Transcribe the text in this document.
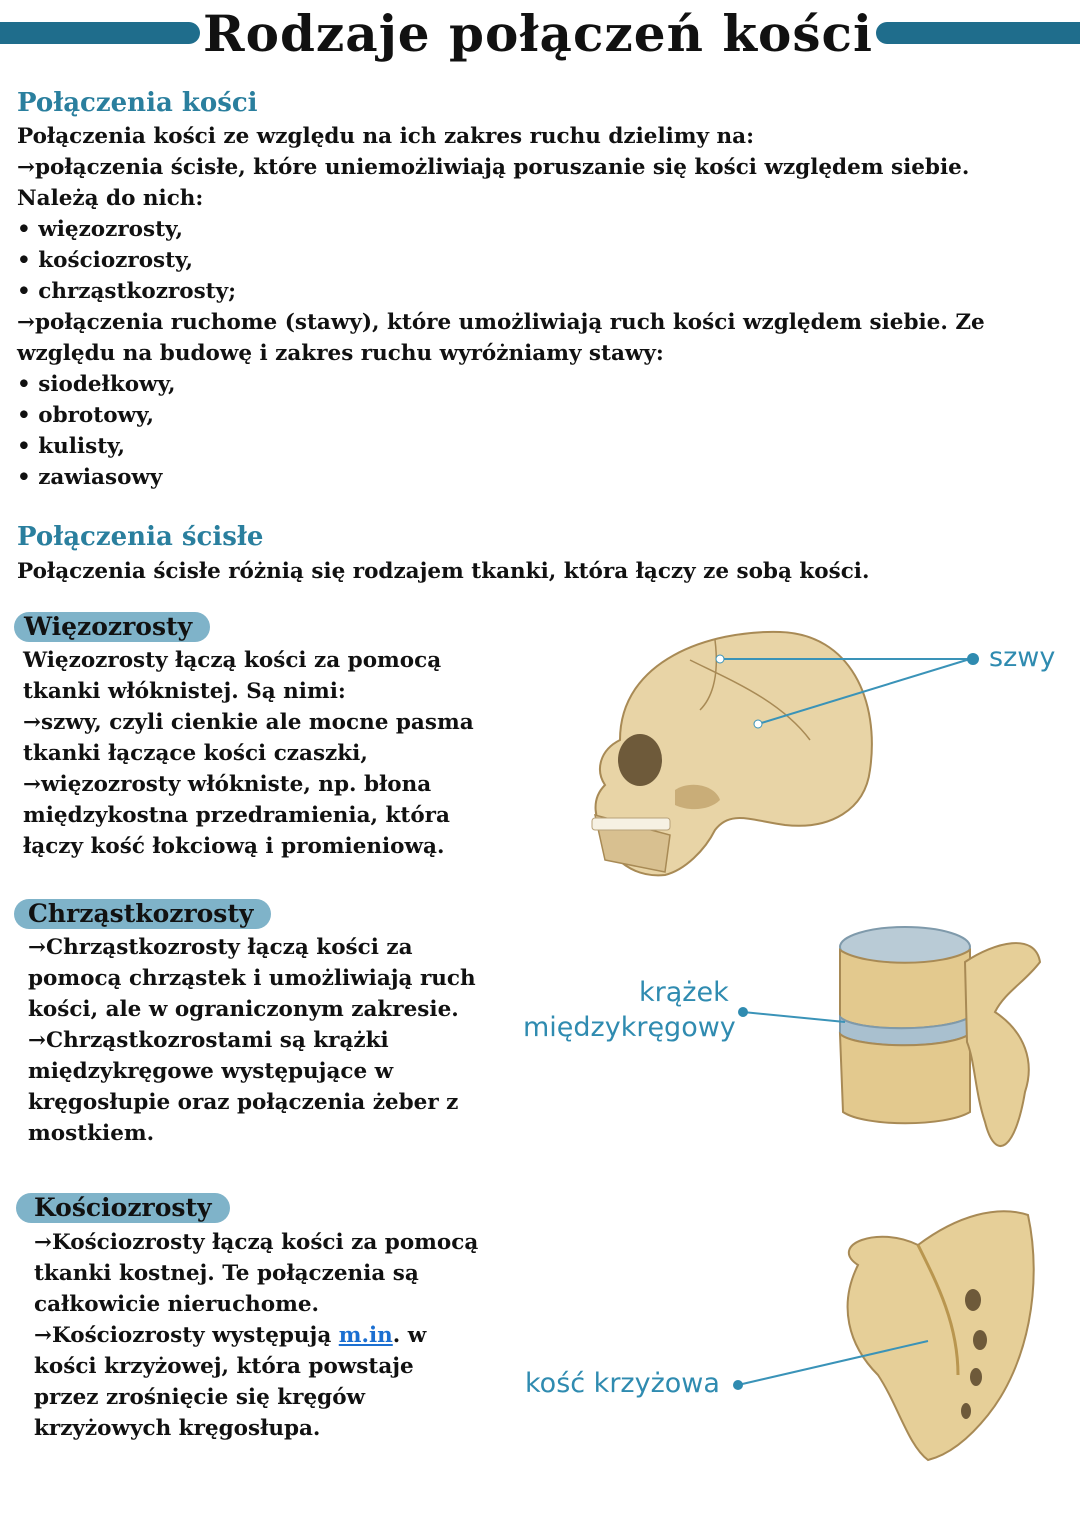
Rodzaje połączeń kości
Połączenia kości
Połączenia kości ze względu na ich zakres ruchu dzielimy na:
→połączenia ścisłe, które uniemożliwiają poruszanie się kości względem siebie.
Należą do nich:
• więzozrosty,
• kościozrosty,
• chrząstkozrosty;
→połączenia ruchome (stawy), które umożliwiają ruch kości względem siebie. Ze
względu na budowę i zakres ruchu wyróżniamy stawy:
• siodełkowy,
• obrotowy,
• kulisty,
• zawiasowy
Połączenia ścisłe
Połączenia ścisłe różnią się rodzajem tkanki, która łączy ze sobą kości.
Więzozrosty
Więzozrosty łączą kości za pomocą
tkanki włóknistej. Są nimi:
→szwy, czyli cienkie ale mocne pasma
tkanki łączące kości czaszki,
→więzozrosty włókniste, np. błona
międzykostna przedramienia, która
łączy kość łokciową i promieniową.
szwy
Chrząstkozrosty
→Chrząstkozrosty łączą kości za
pomocą chrząstek i umożliwiają ruch
kości, ale w ograniczonym zakresie.
→Chrząstkozrostami są krążki
międzykręgowe występujące w
kręgosłupie oraz połączenia żeber z
mostkiem.
krążek
międzykręgowy
Kościozrosty
→Kościozrosty łączą kości za pomocą
tkanki kostnej. Te połączenia są
całkowicie nieruchome.
→Kościozrosty występują m.in. w
kości krzyżowej, która powstaje
przez zrośnięcie się kręgów
krzyżowych kręgosłupa.
kość krzyżowa
